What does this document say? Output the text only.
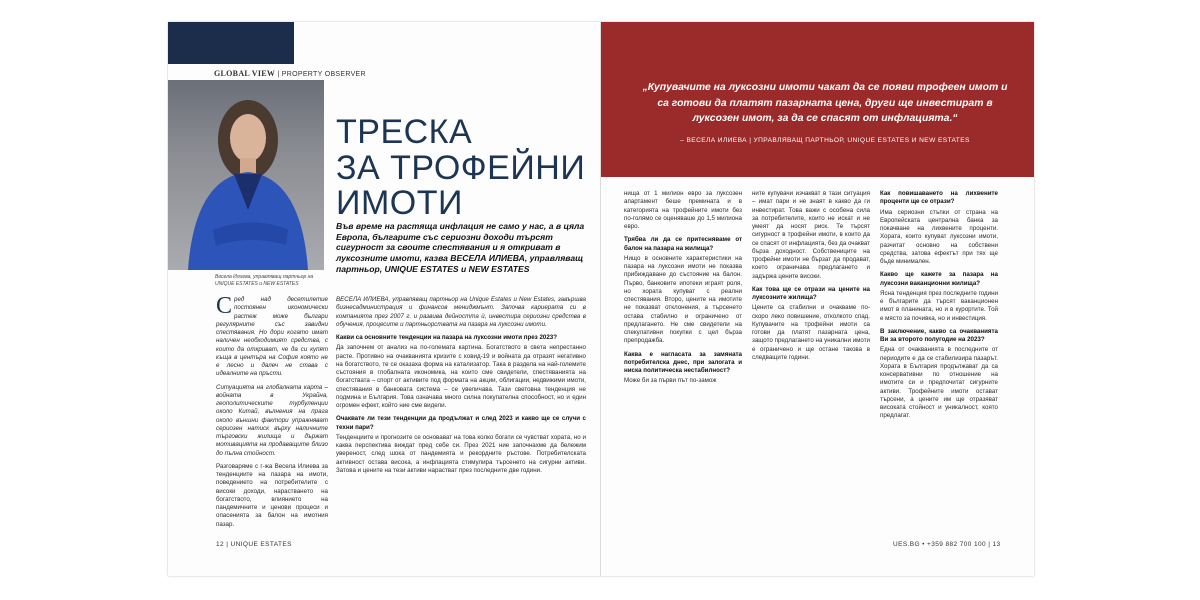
GLOBAL VIEW | PROPERTY OBSERVER
Весела Илиева, управляващ партньор на UNIQUE ESTATES и NEW ESTATES
ТРЕСКА
ЗА ТРОФЕЙНИ
ИМОТИ
Във време на растяща инфлация не само у нас, а в цяла Европа, българите със сериозни доходи търсят сигурност за своите спестявания и я откриват в луксозните имоти, казва ВЕСЕЛА ИЛИЕВА, управляващ партньор, UNIQUE ESTATES и NEW ESTATES

Сред над десетилетие постоянен икономически растеж може българи регулярните със завидни спестявания. Но дори когато имат наличен необходимият средства, с които да откриват, че да си купят къща в центъра на София която не е лесно и далеч не става с идеалните на пръсти.

Ситуацията на глобалната карта – войната в Украйна, геополитическите турбуленции около Китай, вълнения на прага около външни фактори упражняват сериозен натиск върху наличните търговски жилища и държат мотивацията на продаващите близо до пълна стойност.

Разговаряме с г-жа Весела Илиева за тенденциите на пазара на имоти, поведението на потребителите с високи доходи, нарастването на богатството, влиянието на пандемичните и ценови процеси и опасенията за балон на имотния пазар.

ВЕСЕЛА ИЛИЕВА, управляващ партньор на Unique Estates и New Estates, завършва бизнесадминистрация и финансов мениджмънт. Започва кариерата си в компанията през 2007 г. и развива дейността ѝ, инвестира сериозни средства в обучения, процесите и партньорствата на пазара на луксозни имоти.

Какви са основните тенденции на пазара на луксозни имоти през 2023?

Да започнем от анализ на по-големата картина. Богатството в света непрестанно расте. Противно на очакванията кризите с ковид-19 и войната да отразят негативно на богатството, те се оказаха форма на катализатор. Така в раздела на най-големите състояния в глобалната икономика, на които сме свидетели, спестяванията на богатствата – спорт от активите под формата на акции, облигации, недвижими имоти, спестявания в банковата система – се увеличава. Тази световна тенденция не подмина и България. Това означава много силна покупателна способност, но и един огромен ефект, който ние сме видели.

Очаквате ли тези тенденции да продължат и след 2023 и какво ще се случи с техни пари?

Тенденциите и прогнозите се основават на това колко богати се чувстват хората, но и каква перспектива виждат пред себе си. През 2021 ние започнахме да бележим увереност, след шока от пандемията и рекордните ръстове. Потребителската активност остава висока, а инфлацията стимулира търсенето на сигурни активи. Затова и цените на тези активи нарастват през последните две години.

„Купувачите на луксозни имоти чакат да се появи трофеен имот и са готови да платят пазарната цена, други ще инвестират в луксозен имот, за да се спасят от инфлацията.“
– ВЕСЕЛА ИЛИЕВА | УПРАВЛЯВАЩ ПАРТНЬОР, UNIQUE ESTATES И NEW ESTATES

нища от 1 милион евро за луксозен апартамент беше премината и в категорията на трофейните имоти без по-голямо се оценяваше до 1,5 милиона евро.

Трябва ли да се притесняваме от балон на пазара на жилища?

Нищо в основните характеристики на пазара на луксозни имоти не показва прибиждаване до състояние на балон. Първо, банковите ипотеки играят роля, но хората купуват с реални спестявания. Второ, цените на имотите не показват отклонения, а търсенето остава стабилно и ограничено от предлагането. Не сме свидетели на спекулативни покупки с цел бърза препродажба.

Каква е нагласата за замяната потребителска днес, при залогата и ниска политическа нестабилност?

Може би за първи път по-замож

ните купувачи изчакват в тази ситуация – имат пари и не знаят в какво да ги инвестират. Това важи с особена сила за потребителите, които не искат и не умеят да носят риск. Те търсят сигурност в трофейни имоти, в които да се спасят от инфлацията, без да очакват бърза доходност. Собствениците на трофейни имоти не бързат да продават, което ограничава предлагането и задържа цените високи.

Как това ще се отрази на цените на луксозните жилища?

Цените са стабилни и очакваме по-скоро леко повишение, отколкото спад. Купувачите на трофейни имоти са готови да платят пазарната цена, защото предлагането на уникални имоти е ограничено и ще остане такова в следващите години.

Как повишаването на лихвените проценти ще се отрази?

Има сериозни стъпки от страна на Европейската централна банка за покачване на лихвените проценти. Хората, които купуват луксозни имоти, разчитат основно на собствени средства, затова ефектът при тях ще бъде минимален.

Какво ще кажете за пазара на луксозни ваканционни жилища?

Ясна тенденция през последните години е българите да търсят ваканционен имот в планината, но и в курортите. Той е място за почивка, но и инвестиция.

В заключение, какво са очакванията Ви за второто полугодие на 2023?

Една от очакванията в последните от периодите е да се стабилизира пазарът. Хората в България продължават да са консервативни по отношение на имотите си и предпочитат сигурните активи. Трофейните имоти остават търсени, а цените им ще отразяват високата стойност и уникалност, която предлагат.

12 | UNIQUE ESTATES	UES.BG • +359 882 700 100 | 13
